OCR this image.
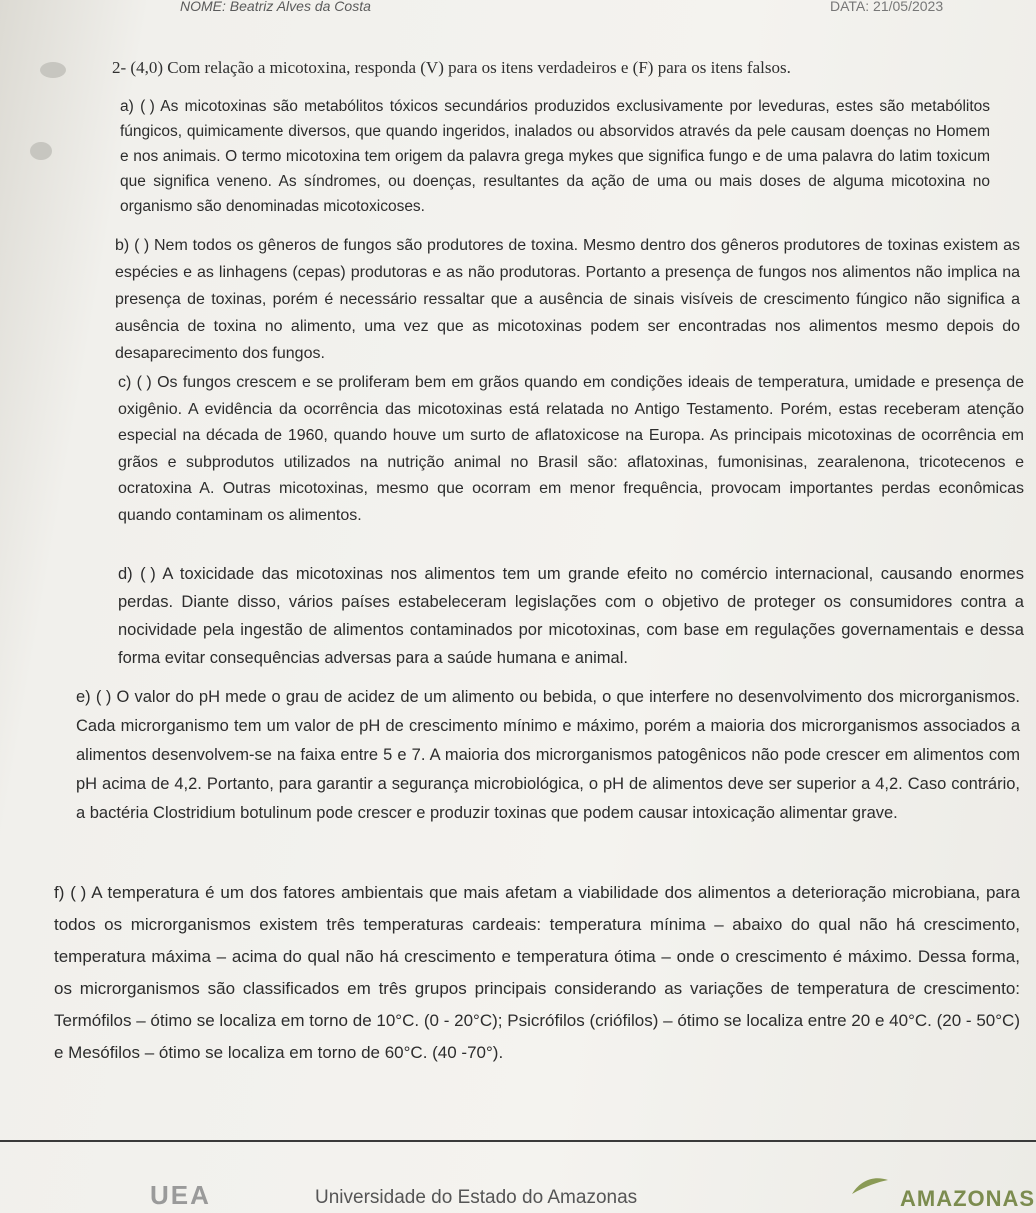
NOME: Beatriz Alves da Costa	DATA: 21/05/2023
2- (4,0) Com relação a micotoxina, responda (V) para os itens verdadeiros e (F) para os itens falsos.

a) ( ) As micotoxinas são metabólitos tóxicos secundários produzidos exclusivamente por leveduras, estes são metabólitos fúngicos, quimicamente diversos, que quando ingeridos, inalados ou absorvidos através da pele causam doenças no Homem e nos animais. O termo micotoxina tem origem da palavra grega mykes que significa fungo e de uma palavra do latim toxicum que significa veneno. As síndromes, ou doenças, resultantes da ação de uma ou mais doses de alguma micotoxina no organismo são denominadas micotoxicoses.

b) ( ) Nem todos os gêneros de fungos são produtores de toxina. Mesmo dentro dos gêneros produtores de toxinas existem as espécies e as linhagens (cepas) produtoras e as não produtoras. Portanto a presença de fungos nos alimentos não implica na presença de toxinas, porém é necessário ressaltar que a ausência de sinais visíveis de crescimento fúngico não significa a ausência de toxina no alimento, uma vez que as micotoxinas podem ser encontradas nos alimentos mesmo depois do desaparecimento dos fungos.

c) ( ) Os fungos crescem e se proliferam bem em grãos quando em condições ideais de temperatura, umidade e presença de oxigênio. A evidência da ocorrência das micotoxinas está relatada no Antigo Testamento. Porém, estas receberam atenção especial na década de 1960, quando houve um surto de aflatoxicose na Europa. As principais micotoxinas de ocorrência em grãos e subprodutos utilizados na nutrição animal no Brasil são: aflatoxinas, fumonisinas, zearalenona, tricotecenos e ocratoxina A. Outras micotoxinas, mesmo que ocorram em menor frequência, provocam importantes perdas econômicas quando contaminam os alimentos.

d) ( ) A toxicidade das micotoxinas nos alimentos tem um grande efeito no comércio internacional, causando enormes perdas. Diante disso, vários países estabeleceram legislações com o objetivo de proteger os consumidores contra a nocividade pela ingestão de alimentos contaminados por micotoxinas, com base em regulações governamentais e dessa forma evitar consequências adversas para a saúde humana e animal.

e) ( ) O valor do pH mede o grau de acidez de um alimento ou bebida, o que interfere no desenvolvimento dos microrganismos. Cada microrganismo tem um valor de pH de crescimento mínimo e máximo, porém a maioria dos microrganismos associados a alimentos desenvolvem-se na faixa entre 5 e 7. A maioria dos microrganismos patogênicos não pode crescer em alimentos com pH acima de 4,2. Portanto, para garantir a segurança microbiológica, o pH de alimentos deve ser superior a 4,2. Caso contrário, a bactéria Clostridium botulinum pode crescer e produzir toxinas que podem causar intoxicação alimentar grave.

f) ( ) A temperatura é um dos fatores ambientais que mais afetam a viabilidade dos alimentos a deterioração microbiana, para todos os microrganismos existem três temperaturas cardeais: temperatura mínima – abaixo do qual não há crescimento, temperatura máxima – acima do qual não há crescimento e temperatura ótima – onde o crescimento é máximo. Dessa forma, os microrganismos são classificados em três grupos principais considerando as variações de temperatura de crescimento: Termófilos – ótimo se localiza em torno de 10°C. (0 - 20°C); Psicrófilos (criófilos) – ótimo se localiza entre 20 e 40°C. (20 - 50°C) e Mesófilos – ótimo se localiza em torno de 60°C. (40 -70°).

UEA	Universidade do Estado do Amazonas	AMAZONAS
